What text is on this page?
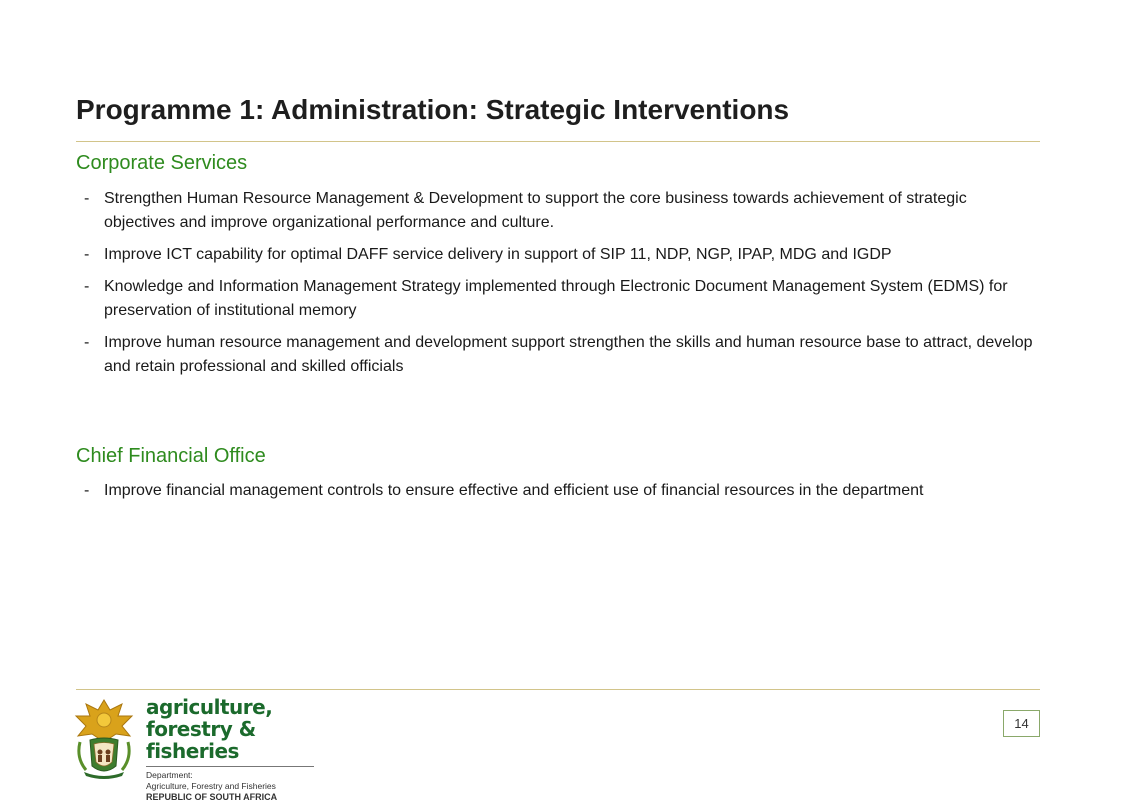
Programme 1: Administration: Strategic Interventions
Corporate Services
- Strengthen Human Resource Management & Development to support the core business towards achievement of strategic objectives and improve organizational performance and culture.
- Improve ICT capability for optimal DAFF service delivery in support of SIP 11, NDP, NGP, IPAP, MDG and IGDP
- Knowledge and Information Management Strategy implemented through Electronic Document Management System (EDMS) for preservation of institutional memory
- Improve human resource management and development support strengthen the skills and human resource base to attract, develop and retain professional and skilled officials
Chief Financial Office
- Improve financial management controls to ensure effective and efficient use of financial resources in the department
agriculture,
forestry & fisheries
Department:
Agriculture, Forestry and Fisheries
REPUBLIC OF SOUTH AFRICA
14
